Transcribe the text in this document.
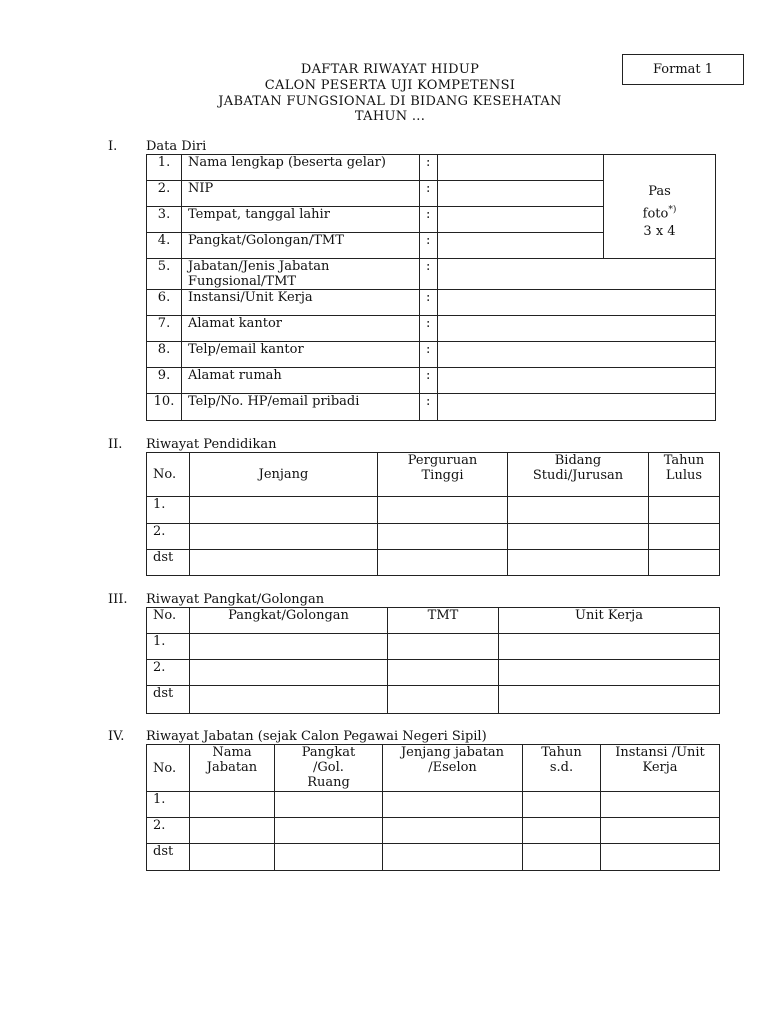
Format 1
DAFTAR RIWAYAT HIDUP
CALON PESERTA UJI KOMPETENSI
JABATAN FUNGSIONAL DI BIDANG KESEHATAN
TAHUN ...
I. Data Diri
1.	Nama lengkap (beserta gelar)	:		Pas
foto*)
3 x 4

2.	NIP	:		
3.	Tempat, tanggal lahir	:		
4.	Pangkat/Golongan/TMT	:		
5.	Jabatan/Jenis Jabatan Fungsional/TMT	:		
6.	Instansi/Unit Kerja	:		
7.	Alamat kantor	:		
8.	Telp/email kantor	:		
9.	Alamat rumah	:		
10.	Telp/No. HP/email pribadi	:		
II. Riwayat Pendidikan
No.	Jenjang	Perguruan Tinggi	Bidang Studi/Jurusan	Tahun Lulus

1.				
2.				
dst				
III. Riwayat Pangkat/Golongan
No.	Pangkat/Golongan	TMT	Unit Kerja
1.			
2.			
dst			
IV. Riwayat Jabatan (sejak Calon Pegawai Negeri Sipil)
No.	Nama Jabatan	Pangkat /Gol. Ruang	Jenjang jabatan /Eselon	Tahun s.d.	Instansi /Unit Kerja

1.					
2.					
dst					
